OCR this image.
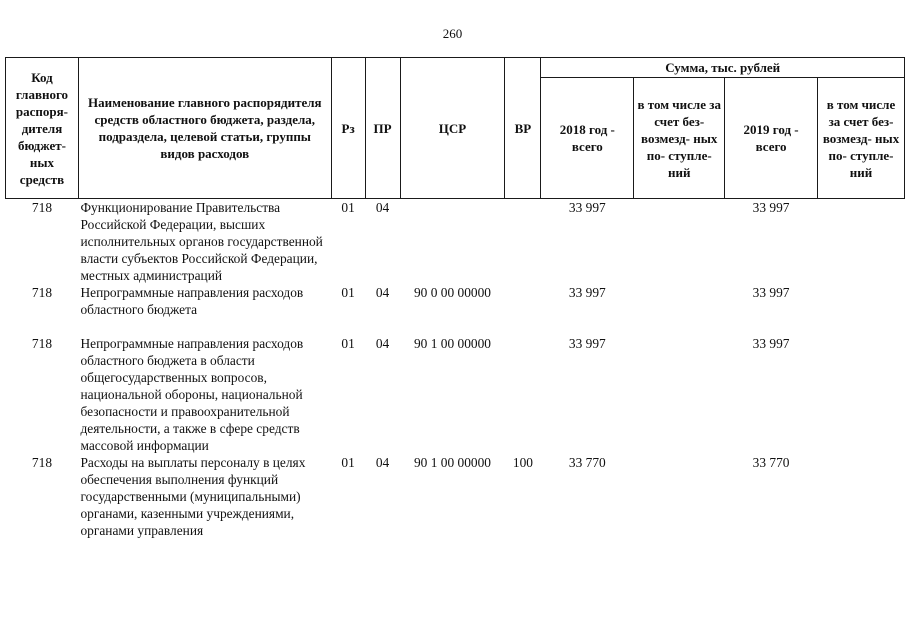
260
Код главного распоря- дителя бюджет- ных средств	Наименование главного распорядителя средств областного бюджета, раздела, подраздела, целевой статьи, группы видов расходов	Рз	ПР	ЦСР	ВР	Сумма, тыс. рублей			
						2018 год - всего	в том числе за счет без- возмезд- ных по- ступле- ний	2019 год - всего	в том числе за счет без- возмезд- ных по- ступле- ний
718	Функционирование Правительства Российской Федерации, высших исполнительных органов государственной власти субъектов Российской Федерации, местных администраций	01	04			33 997		33 997	
718	Непрограммные направления расходов областного бюджета	01	04	90 0 00 00000		33 997		33 997	
718	Непрограммные направления расходов областного бюджета в области общегосударственных вопросов, национальной обороны, национальной безопасности и правоохранительной деятельности, а также в сфере средств массовой информации	01	04	90 1 00 00000		33 997		33 997	
718	Расходы на выплаты персоналу в целях обеспечения выполнения функций государственными (муниципальными) органами, казенными учреждениями, органами управления	01	04	90 1 00 00000	100	33 770		33 770	
